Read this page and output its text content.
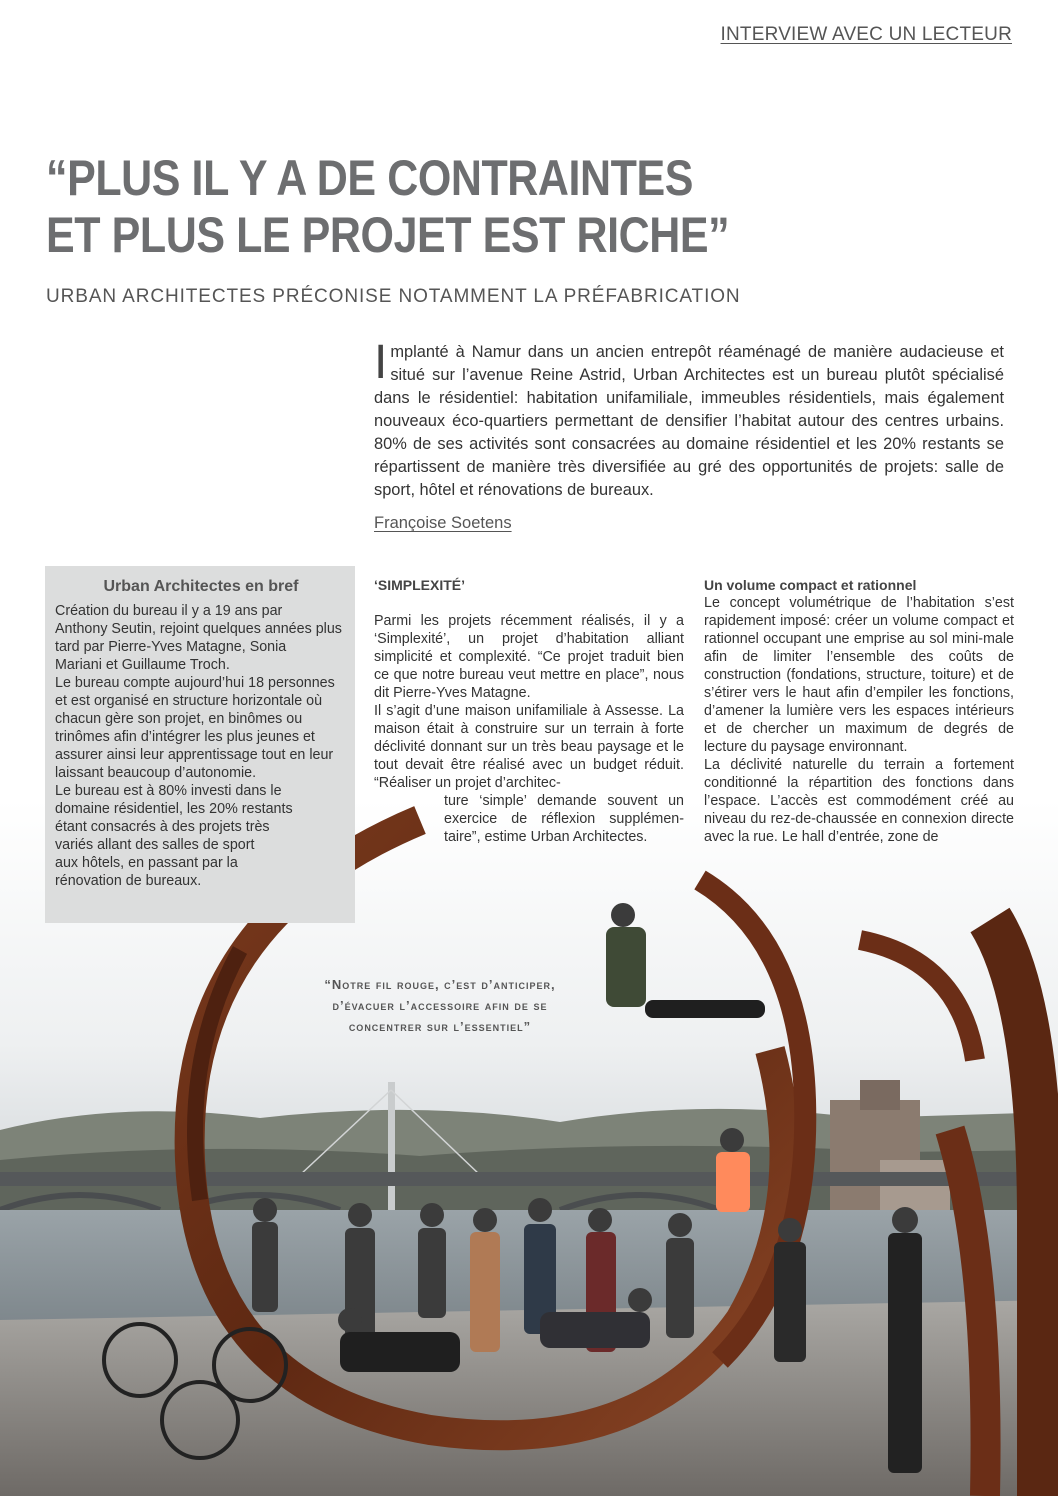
INTERVIEW AVEC UN LECTEUR
“PLUS IL Y A DE CONTRAINTES
ET PLUS LE PROJET EST RICHE”
URBAN ARCHITECTES PRÉCONISE NOTAMMENT LA PRÉFABRICATION
Implanté à Namur dans un ancien entrepôt réaménagé de manière audacieuse et situé sur l’avenue Reine Astrid, Urban Architectes est un bureau plutôt spécialisé dans le résidentiel: habitation unifamiliale, immeubles résidentiels, mais également nouveaux éco-quartiers permettant de densifier l’habitat autour des centres urbains. 80% de ses activités sont consacrées au domaine résidentiel et les 20% restants se répartissent de manière très diversifiée au gré des opportunités de projets: salle de sport, hôtel et rénovations de bureaux.
Françoise Soetens
Urban Architectes en bref

Création du bureau il y a 19 ans par
Anthony Seutin, rejoint quelques années plus
tard par Pierre-Yves Matagne, Sonia
Mariani et Guillaume Troch.
Le bureau compte aujourd’hui 18 personnes
et est organisé en structure horizontale où
chacun gère son projet, en binômes ou
trinômes afin d’intégrer les plus jeunes et
assurer ainsi leur apprentissage tout en leur
laissant beaucoup d’autonomie.
Le bureau est à 80% investi dans le
domaine résidentiel, les 20% restants
étant consacrés à des projets très
variés allant des salles de sport
aux hôtels, en passant par la
rénovation de bureaux.

‘SIMPLEXITÉ’

Parmi les projets récemment réalisés, il y a ‘Simplexité’, un projet d’habitation alliant simplicité et complexité. “Ce projet traduit bien ce que notre bureau veut mettre en place”, nous dit Pierre-Yves Matagne.

Il s’agit d’une maison unifamiliale à Assesse. La maison était à construire sur un terrain à forte déclivité donnant sur un très beau paysage et le tout devait être réalisé avec un budget réduit. “Réaliser un projet d’architec-

ture ‘simple’ demande souvent un exercice de réflexion supplémen-taire”, estime Urban Architectes.

Un volume compact et rationnel

Le concept volumétrique de l’habitation s’est rapidement imposé: créer un volume compact et rationnel occupant une emprise au sol mini-male afin de limiter l’ensemble des coûts de construction (fondations, structure, toiture) et de s’étirer vers le haut afin d’empiler les fonctions, d’amener la lumière vers les espaces intérieurs et de chercher un maximum de degrés de lecture du paysage environnant.

La déclivité naturelle du terrain a fortement conditionné la répartition des fonctions dans l’espace. L’accès est commodément créé au niveau du rez-de-chaussée en connexion directe avec la rue. Le hall d’entrée, zone de

“Notre fil rouge, c’est d’anticiper, d’évacuer l’accessoire afin de se concentrer sur l’essentiel”
